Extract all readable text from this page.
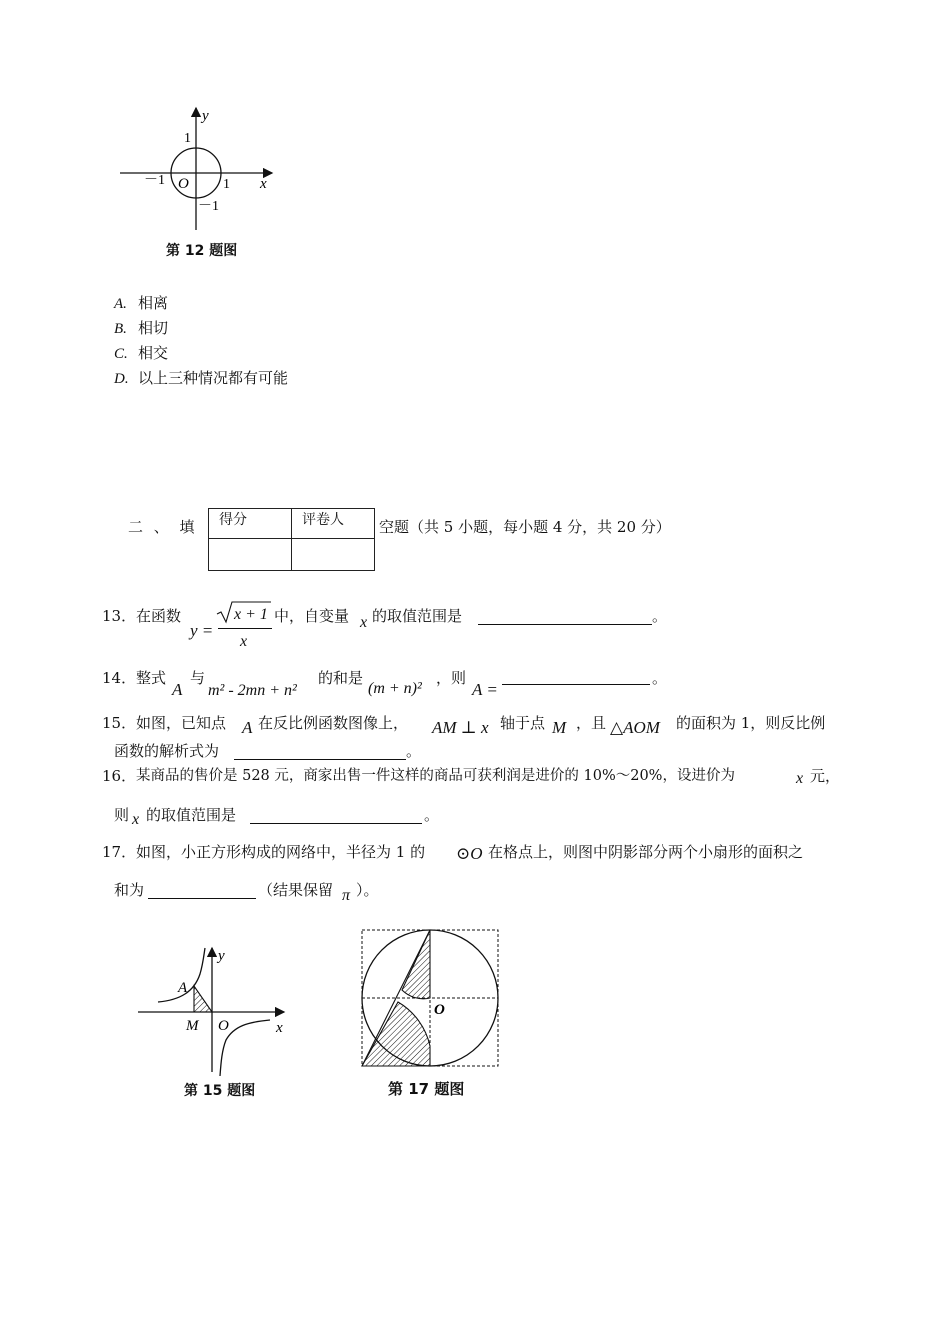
y
x
O
1
－1	1
－1
第 12 题图
A. 相离
B. 相切
C. 相交
D. 以上三种情况都有可能
二 、 填 得分	评卷人
	空题（共 5 小题，每小题 4 分，共 20 分）
13． 在函数
y =
x + 1
x
中，自变量 x 的取值范围是	。
14． 整式
A
与
m² - 2mn + n²
的和是
(m + n)²
，则
A =
。
15． 如图，已知点 A 在反比例函数图像上， AM ⊥ x 轴于点 M ，且 △AOM 的面积为 1，则反比例
函数的解析式为	。
16． 某商品的售价是 528 元，商家出售一件这样的商品可获利润是进价的 10%～20%，设进价为	x 元，
则 x 的取值范围是	。
17． 如图，小正方形构成的网络中，半径为 1 的 ⊙O 在格点上，则图中阴影部分两个小扇形的面积之
和为	（结果保留 π ）。
A
M O
y
x
第 15 题图
O
第 17 题图
